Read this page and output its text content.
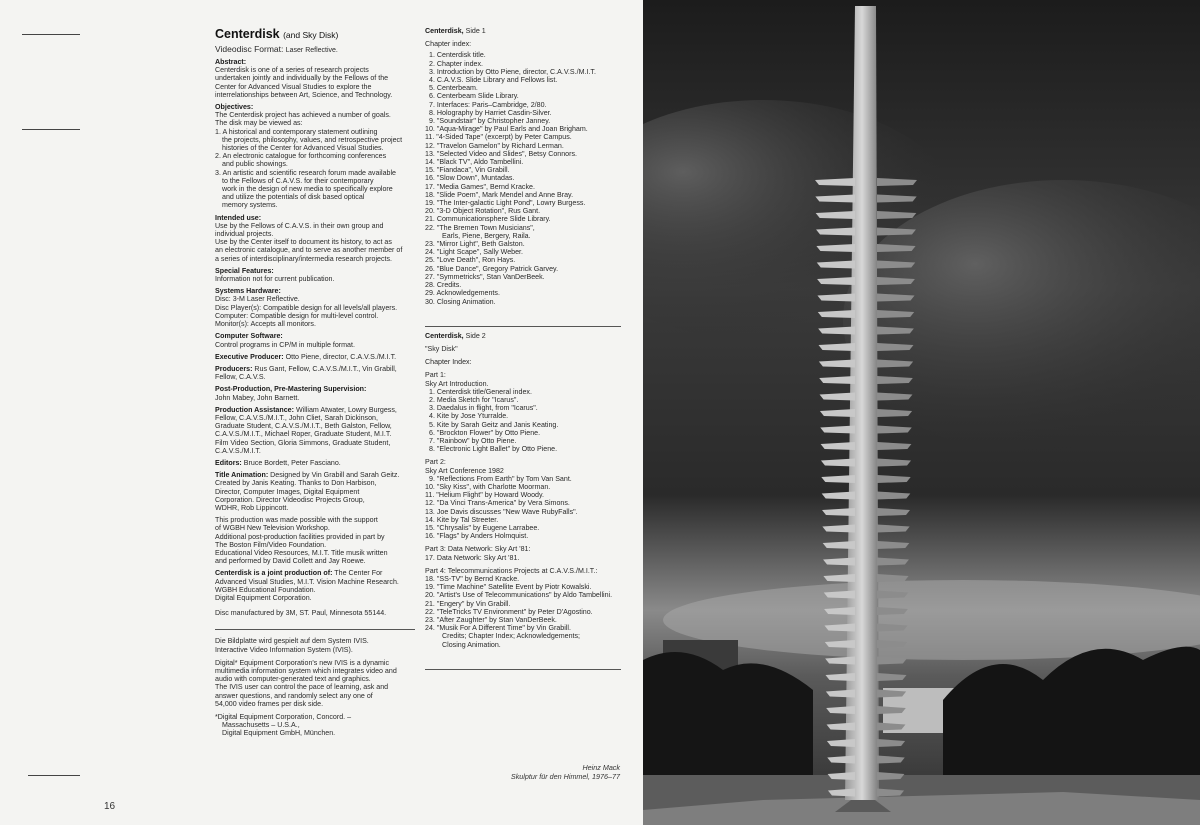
16
Centerdisk (and Sky Disk)
Videodisc Format: Laser Reflective.
Abstract:
Centerdisk is one of a series of research projects
undertaken jointly and individually by the Fellows of the
Center for Advanced Visual Studies to explore the
interrelationships between Art, Science, and Technology.
Objectives:
The Centerdisk project has achieved a number of goals.
The disk may be viewed as:
1. A historical and contemporary statement outlining
the projects, philosophy, values, and retrospective project
histories of the Center for Advanced Visual Studies.
2. An electronic catalogue for forthcoming conferences
and public showings.
3. An artistic and scientific research forum made available
to the Fellows of C.A.V.S. for their contemporary
work in the design of new media to specifically explore
and utilize the potentials of disk based optical
memory systems.
Intended use:
Use by the Fellows of C.A.V.S. in their own group and
individual projects.
Use by the Center itself to document its history, to act as
an electronic catalogue, and to serve as another member of
a series of interdisciplinary/intermedia research projects.
Special Features:
Information not for current publication.
Systems Hardware:
Disc: 3-M Laser Reflective.
Disc Player(s): Compatible design for all levels/all players.
Computer: Compatible design for multi-level control.
Monitor(s): Accepts all monitors.
Computer Software:
Control programs in CP/M in multiple format.
Executive Producer: Otto Piene, director, C.A.V.S./M.I.T.
Producers: Rus Gant, Fellow, C.A.V.S./M.I.T., Vin Grabill,
Fellow, C.A.V.S.
Post-Production, Pre-Mastering Supervision:
John Mabey, John Barnett.
Production Assistance: William Atwater, Lowry Burgess,
Fellow, C.A.V.S./M.I.T., John Cliet, Sarah Dickinson,
Graduate Student, C.A.V.S./M.I.T., Beth Galston, Fellow,
C.A.V.S./M.I.T., Michael Roper, Graduate Student, M.I.T.
Film Video Section, Gloria Simmons, Graduate Student,
C.A.V.S./M.I.T.
Editors: Bruce Bordett, Peter Fasciano.
Title Animation: Designed by Vin Grabill and Sarah Geitz.
Created by Janis Keating. Thanks to Don Harbison,
Director, Computer Images, Digital Equipment
Corporation. Director Videodisc Projects Group,
WDHR, Rob Lippincott.
This production was made possible with the support
of WGBH New Television Workshop.
Additional post-production facilities provided in part by
The Boston Film/Video Foundation.
Educational Video Resources, M.I.T. Title musik written
and performed by David Collett and Jay Roewe.
Centerdisk is a joint production of: The Center For
Advanced Visual Studies, M.I.T. Vision Machine Research.
WGBH Educational Foundation.
Digital Equipment Corporation.
Disc manufactured by 3M, ST. Paul, Minnesota 55144.
Die Bildplatte wird gespielt auf dem System IVIS.
Interactive Video Information System (IVIS).
Digital* Equipment Corporation's new IVIS is a dynamic
multimedia information system which integrates video and
audio with computer-generated text and graphics.
The IVIS user can control the pace of learning, ask and
answer questions, and randomly select any one of
54,000 video frames per disk side.
*Digital Equipment Corporation, Concord. –
Massachusetts – U.S.A.,
Digital Equipment GmbH, München.
Centerdisk, Side 1
Chapter index:
1. Centerdisk title.
2. Chapter index.
3. Introduction by Otto Piene, director, C.A.V.S./M.I.T.
4. C.A.V.S. Slide Library and Fellows list.
5. Centerbeam.
6. Centerbeam Slide Library.
7. Interfaces: Paris–Cambridge, 2/80.
8. Holography by Harriet Casdin-Silver.
9. "Soundstair" by Christopher Janney.
10. "Aqua-Mirage" by Paul Earls and Joan Brigham.
11. "4-Sided Tape" (excerpt) by Peter Campus.
12. "Travelon Gamelon" by Richard Lerman.
13. "Selected Video and Slides", Betsy Connors.
14. "Black TV", Aldo Tambellini.
15. "Fiandaca", Vin Grabill.
16. "Slow Down", Muntadas.
17. "Media Games", Bernd Kracke.
18. "Slide Poem", Mark Mendel and Anne Bray.
19. "The Inter-galactic Light Pond", Lowry Burgess.
20. "3-D Object Rotation", Rus Gant.
21. Communicationsphere Slide Library.
22. "The Bremen Town Musicians",
Earls, Piene, Bergery, Raila.
23. "Mirror Light", Beth Galston.
24. "Light Scape", Sally Weber.
25. "Love Death", Ron Hays.
26. "Blue Dance", Gregory Patrick Garvey.
27. "Symmetricks", Stan VanDerBeek.
28. Credits.
29. Acknowledgements.
30. Closing Animation.
Centerdisk, Side 2
"Sky Disk"
Chapter Index:
Part 1:
Sky Art Introduction.
1. Centerdisk title/General index.
2. Media Sketch for "Icarus".
3. Daedalus in flight, from "Icarus".
4. Kite by Jose Yturralde.
5. Kite by Sarah Geitz and Janis Keating.
6. "Brockton Flower" by Otto Piene.
7. "Rainbow" by Otto Piene.
8. "Electronic Light Ballet" by Otto Piene.
Part 2:
Sky Art Conference 1982
9. "Reflections From Earth" by Tom Van Sant.
10. "Sky Kiss", with Charlotte Moorman.
11. "Helium Flight" by Howard Woody.
12. "Da Vinci Trans-America" by Vera Simons.
13. Joe Davis discusses "New Wave RubyFalls".
14. Kite by Tal Streeter.
15. "Chrysalis" by Eugene Larrabee.
16. "Flags" by Anders Holmquist.
Part 3: Data Network: Sky Art '81:
17. Data Network: Sky Art '81.
Part 4: Telecommunications Projects at C.A.V.S./M.I.T.:
18. "SS-TV" by Bernd Kracke.
19. "Time Machine" Satellite Event by Piotr Kowalski.
20. "Artist's Use of Telecommunications" by Aldo Tambellini.
21. "Engery" by Vin Grabill.
22. "TeleTricks TV Environment" by Peter D'Agostino.
23. "After Zaughter" by Stan VanDerBeek.
24. "Musik For A Different Time" by Vin Grabill.
Credits; Chapter Index; Acknowledgements;
Closing Animation.
Heinz Mack
Skulptur für den Himmel, 1976–77
